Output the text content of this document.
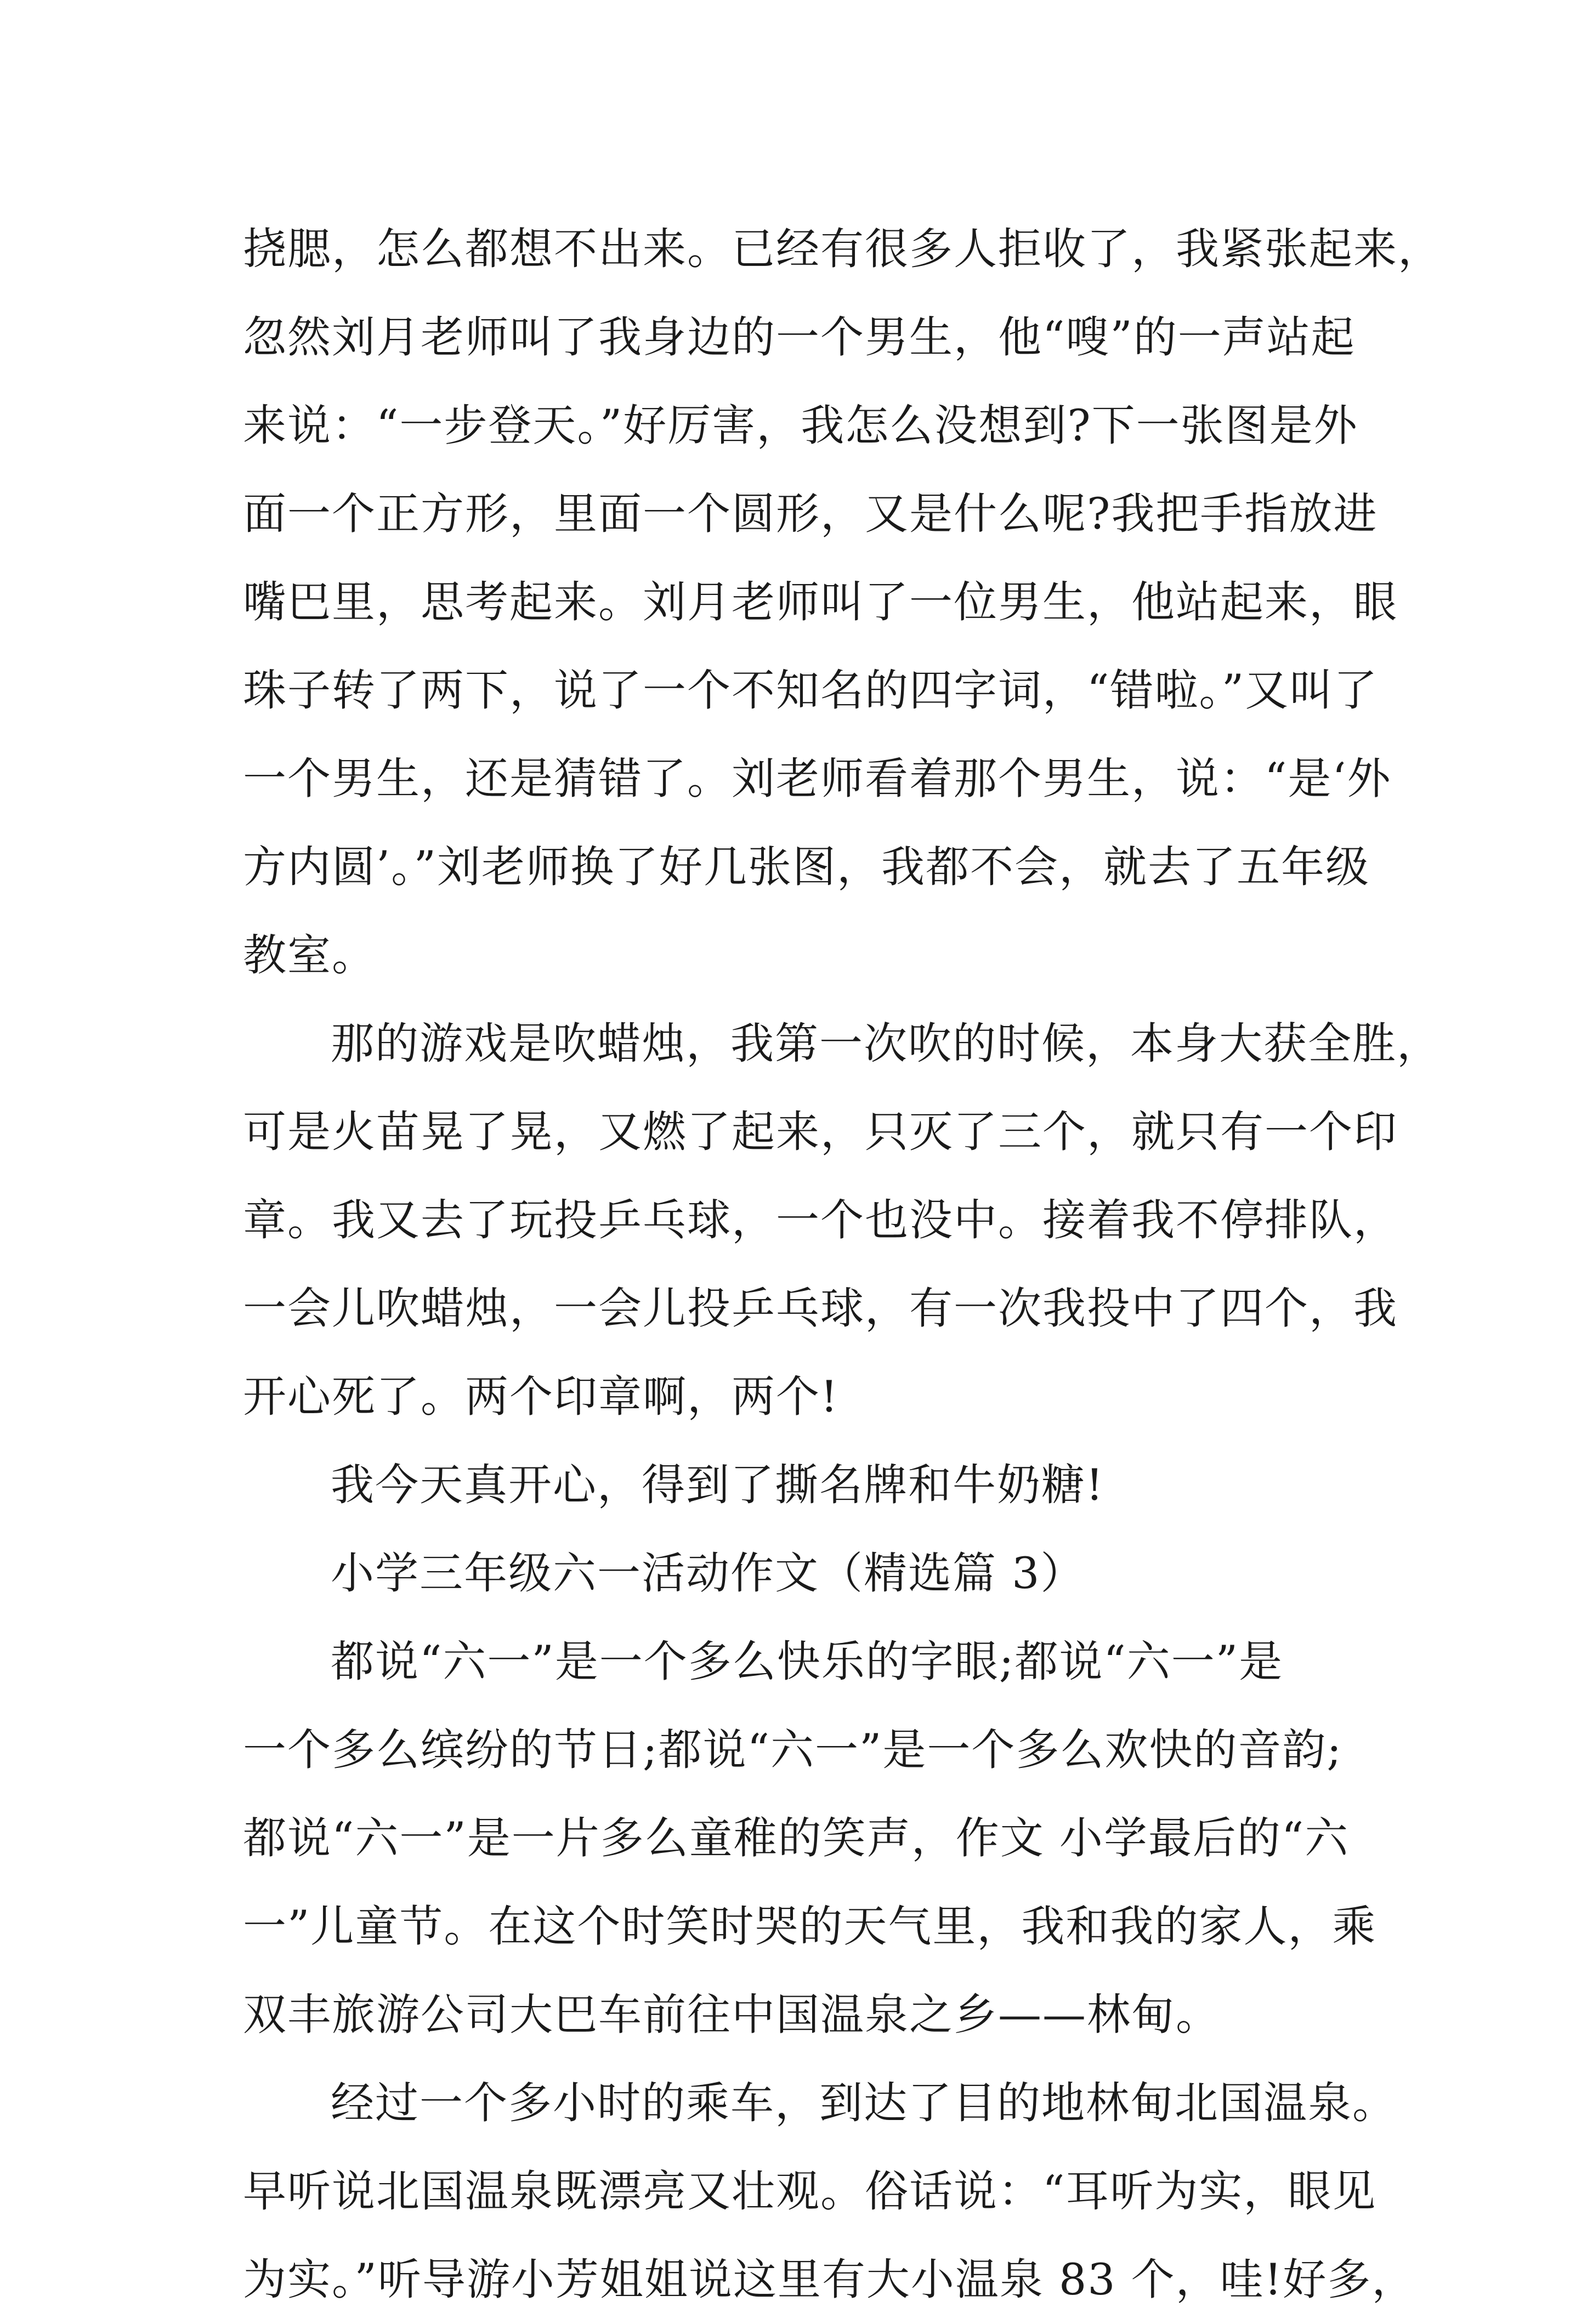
挠腮，怎么都想不出来。已经有很多人拒收了，我紧张起来，
忽然刘月老师叫了我身边的一个男生，他“嗖”的一声站起
来说：“一步登天。”好厉害，我怎么没想到?下一张图是外
面一个正方形，里面一个圆形，又是什么呢?我把手指放进
嘴巴里，思考起来。刘月老师叫了一位男生，他站起来，眼
珠子转了两下，说了一个不知名的四字词，“错啦。”又叫了
一个男生，还是猜错了。刘老师看着那个男生，说：“是‘外
方内圆’。”刘老师换了好几张图，我都不会，就去了五年级
教室。
那的游戏是吹蜡烛，我第一次吹的时候，本身大获全胜，
可是火苗晃了晃，又燃了起来，只灭了三个，就只有一个印
章。我又去了玩投乒乓球，一个也没中。接着我不停排队，
一会儿吹蜡烛，一会儿投乒乓球，有一次我投中了四个，我
开心死了。两个印章啊，两个!
我今天真开心，得到了撕名牌和牛奶糖!
小学三年级六一活动作文（精选篇 3）
都说“六一”是一个多么快乐的字眼;都说“六一”是
一个多么缤纷的节日;都说“六一”是一个多么欢快的音韵;
都说“六一”是一片多么童稚的笑声，作文 小学最后的“六
一”儿童节。在这个时笑时哭的天气里，我和我的家人，乘
双丰旅游公司大巴车前往中国温泉之乡——林甸。
经过一个多小时的乘车，到达了目的地林甸北国温泉。
早听说北国温泉既漂亮又壮观。俗话说：“耳听为实，眼见
为实。”听导游小芳姐姐说这里有大小温泉 83 个，哇!好多，
